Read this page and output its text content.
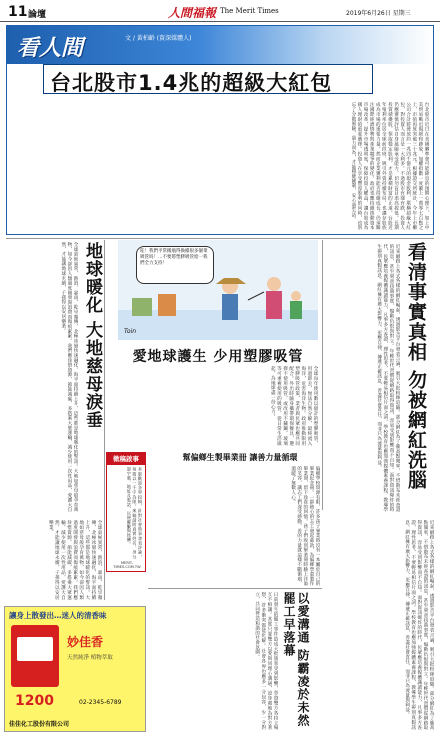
11 論壇	人間福報 The Merit Times	2019年6月26日 星期三
看人間	文 / 黃柏齡 (資深媒體人)
台北股市1.4兆的超級大紅包
台北股市近日在美國聯準會可能降息的預期心理下，加上中美貿易戰出現緩和跡象，加權指數一度衝上一萬零七百點之上，市值再度突破三十兆元。根據證交所統計，今年上市櫃公司合計將發放約一兆四千億元的現金股利，堪稱超級大紅包，對投資人而言是一大利多。不過股市有漲有跌，投資人仍應審慎評估自身風險承受能力，切勿盲目追高殺低。長期投資績優股，領取穩定股利，才是累積財富的正道。台股近年殖利率位居全球前段班，吸引外資持續布局，也讓存股族成為市場的重要力量。然而企業獲利能否持續成長，仍須關注國際經濟情勢與產業競爭的變化。政府也應持續推動資本市場改革，提升市場透明度，保障投資人權益，讓台股成為國人理財的重要選擇。投資人在享受豐厚股利的同時，也別忘了分散風險，量力而為，才能穩健獲利，安心過生活。
看清事實真相 勿被網紅洗腦
近來網路上各式各樣的網紅崛起，透過影音平台發表言論，吸引大批粉絲追隨。部分網紅為了衝高點閱率，不惜散布未經查證的訊息，甚至刻意扭曲事實，煽動仇恨與對立。年輕世代習慣從網路取得資訊，容易受到影響而不自知。面對資訊爆炸的時代，民眾應培養媒體識讀能力，凡事多方查證，理性思考，不要輕易相信片面之詞。學校教育也應加強媒體素養課程，教導學生辨別真假訊息。網紅擁有廣大影響力，更應自律，傳遞正確訊息，善盡社會責任，而非只為流量與利益。
哇！我們平常搬瓶得換檯很多個菜吸管吗！…不要將塑膠吸管給一我們全力支持！
Toin
愛地球護生 少用塑膠吸管
全球每年使用數以億計的塑膠吸管，用過即丟，無法自然分解，最終流入海洋，危害海洋生物。政府推動限用塑膠吸管政策，業者與民眾也應共同配合。外出時隨身攜帶環保餐具，選擇不使用吸管，或改用不鏽鋼、玻璃等可重複使用的吸管，從日常生活做起，為地球盡一份心力。
地球暖化 大地慈母淚垂
全球氣候異常，熱浪、暴雨、乾旱頻傳，北極冰層快速融化，海平面持續上升，這些都是地球暖化的警訊。大地如慈母般孕育萬物，如今卻因人類過度開發與浪費而傷痕累累。我們應珍惜資源，節能減碳，多搭乘大眾運輸，減少使用一次性用品，愛護大自然，才能讓地球永續，子孫得以安居樂業。
徵稿啟事
本版歡迎各界投稿，針對社會時事發表評論，每篇以一千字為限。來稿請附真實姓名、身分證字號、地址及電話，以便聯繫與致酬。
MERIT-TIMES.COM.TW
幫偏鄉生製畢業冊 讓善力量循環
偏鄉學校資源有限，許多孩子畢業時沒有一本屬於自己的畢業紀念冊。一群熱心的志工發起募款，為偏鄉學童製作畢業冊，留下珍貴的回憶。孩子們收到畢業冊時臉上洋溢的笑容，讓志工們深受感動。善的力量就這樣不斷循環，溫暖了無數人心。
以愛溝通 防霸凌於未然 罷工早落幕
日前發生的罷工事件造成大批旅客受到影響，勞資雙方各持立場互不相讓。其實只要雙方以愛與同理心溝通，設身處地為對方著想，許多衝突都能化解。社會各界也應多一分包容，少一分對立，共同營造和諧的社會氛圍。	近來網路上各式各樣的網紅崛起，透過影音平台發表言論，吸引大批粉絲追隨。部分網紅為了衝高點閱率，不惜散布未經查證的訊息，甚至刻意扭曲事實，煽動仇恨與對立。年輕世代習慣從網路取得資訊，容易受到影響而不自知。面對資訊爆炸的時代，民眾應培養媒體識讀能力，凡事多方查證，理性思考，不要輕易相信片面之詞。學校教育也應加強媒體素養課程，教導學生辨別真假訊息。網紅擁有廣大影響力，更應自律，傳遞正確訊息，善盡社會責任，而非只為流量與利益。
全球氣候異常，熱浪、暴雨、乾旱頻傳，北極冰層快速融化，海平面持續上升，這些都是地球暖化的警訊。大地如慈母般孕育萬物，如今卻因人類過度開發與浪費而傷痕累累。我們應珍惜資源，節能減碳，多搭乘大眾運輸，減少使用一次性用品，愛護大自然，才能讓地球永續，子孫得以安居樂業。
讓身上散發出…迷人的清香味
妙佳香
天然純淨 植物萃取
1200	02-2345-6789
佳佳化工股份有限公司
